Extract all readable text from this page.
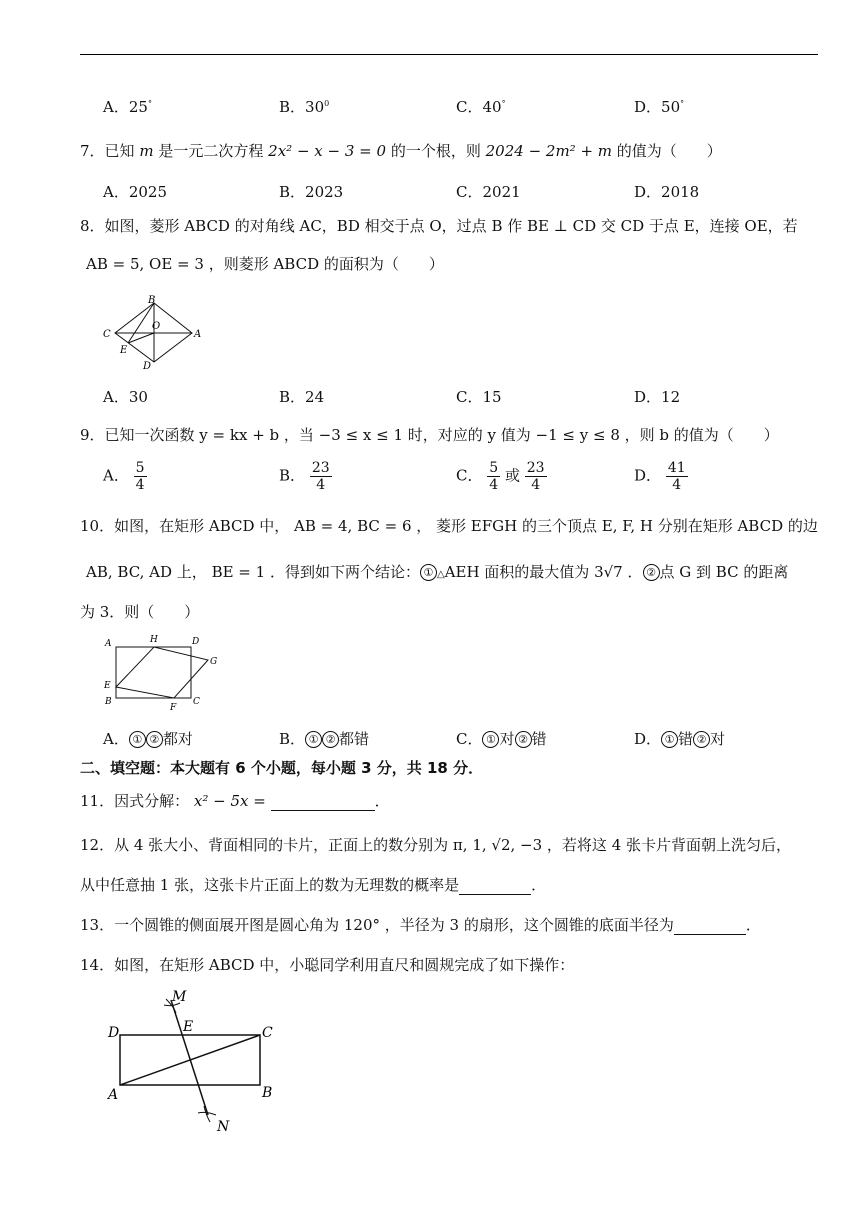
A．25°	B．$30^0$	C．40°	D．50°
7．已知 m 是一元二次方程 2x² − x − 3 = 0 的一个根，则 2024 − 2m² + m 的值为（　　）
A．2025	B．2023	C．2021	D．2018
8．如图，菱形 ABCD 的对角线 AC，BD 相交于点 O，过点 B 作 BE ⊥ CD 交 CD 于点 E，连接 OE，若
AB = 5, OE = 3 ，则菱形 ABCD 的面积为（　　）
B
C
O
A
E
D
A．30	B．24	C．15	D．12
9．已知一次函数 y = kx + b ，当 −3 ≤ x ≤ 1 时，对应的 y 值为 −1 ≤ y ≤ 8 ，则 b 的值为（　　）
A． $\frac{5}{4}$	B． $\frac{23}{4}$	C． $\frac{5}{4}$ 或 $\frac{23}{4}$	D． $\frac{41}{4}$
10．如图，在矩形 ABCD 中， AB = 4, BC = 6 ， 菱形 EFGH 的三个顶点 E, F, H 分别在矩形 ABCD 的边
AB, BC, AD 上， BE = 1 ．得到如下两个结论： ① △AEH 面积的最大值为 3√7 ． ② 点 G 到 BC 的距离
为 3．则（　　）
A	H	D
G
E
B
F
C
A． ① ② 都对	B． ① ② 都错	C． ① 对 ② 错	D． ① 错 ② 对
二、填空题：本大题有 6 个小题，每小题 3 分，共 18 分．
11．因式分解： x² − 5x =	．
12．从 4 张大小、背面相同的卡片，正面上的数分别为 π, 1, √2, −3 ，若将这 4 张卡片背面朝上洗匀后，
从中任意抽 1 张，这张卡片正面上的数为无理数的概率是	．
13．一个圆锥的侧面展开图是圆心角为 120° ，半径为 3 的扇形，这个圆锥的底面半径为	．
14．如图，在矩形 ABCD 中，小聪同学利用直尺和圆规完成了如下操作：
M
D	E	C
A	B
N
